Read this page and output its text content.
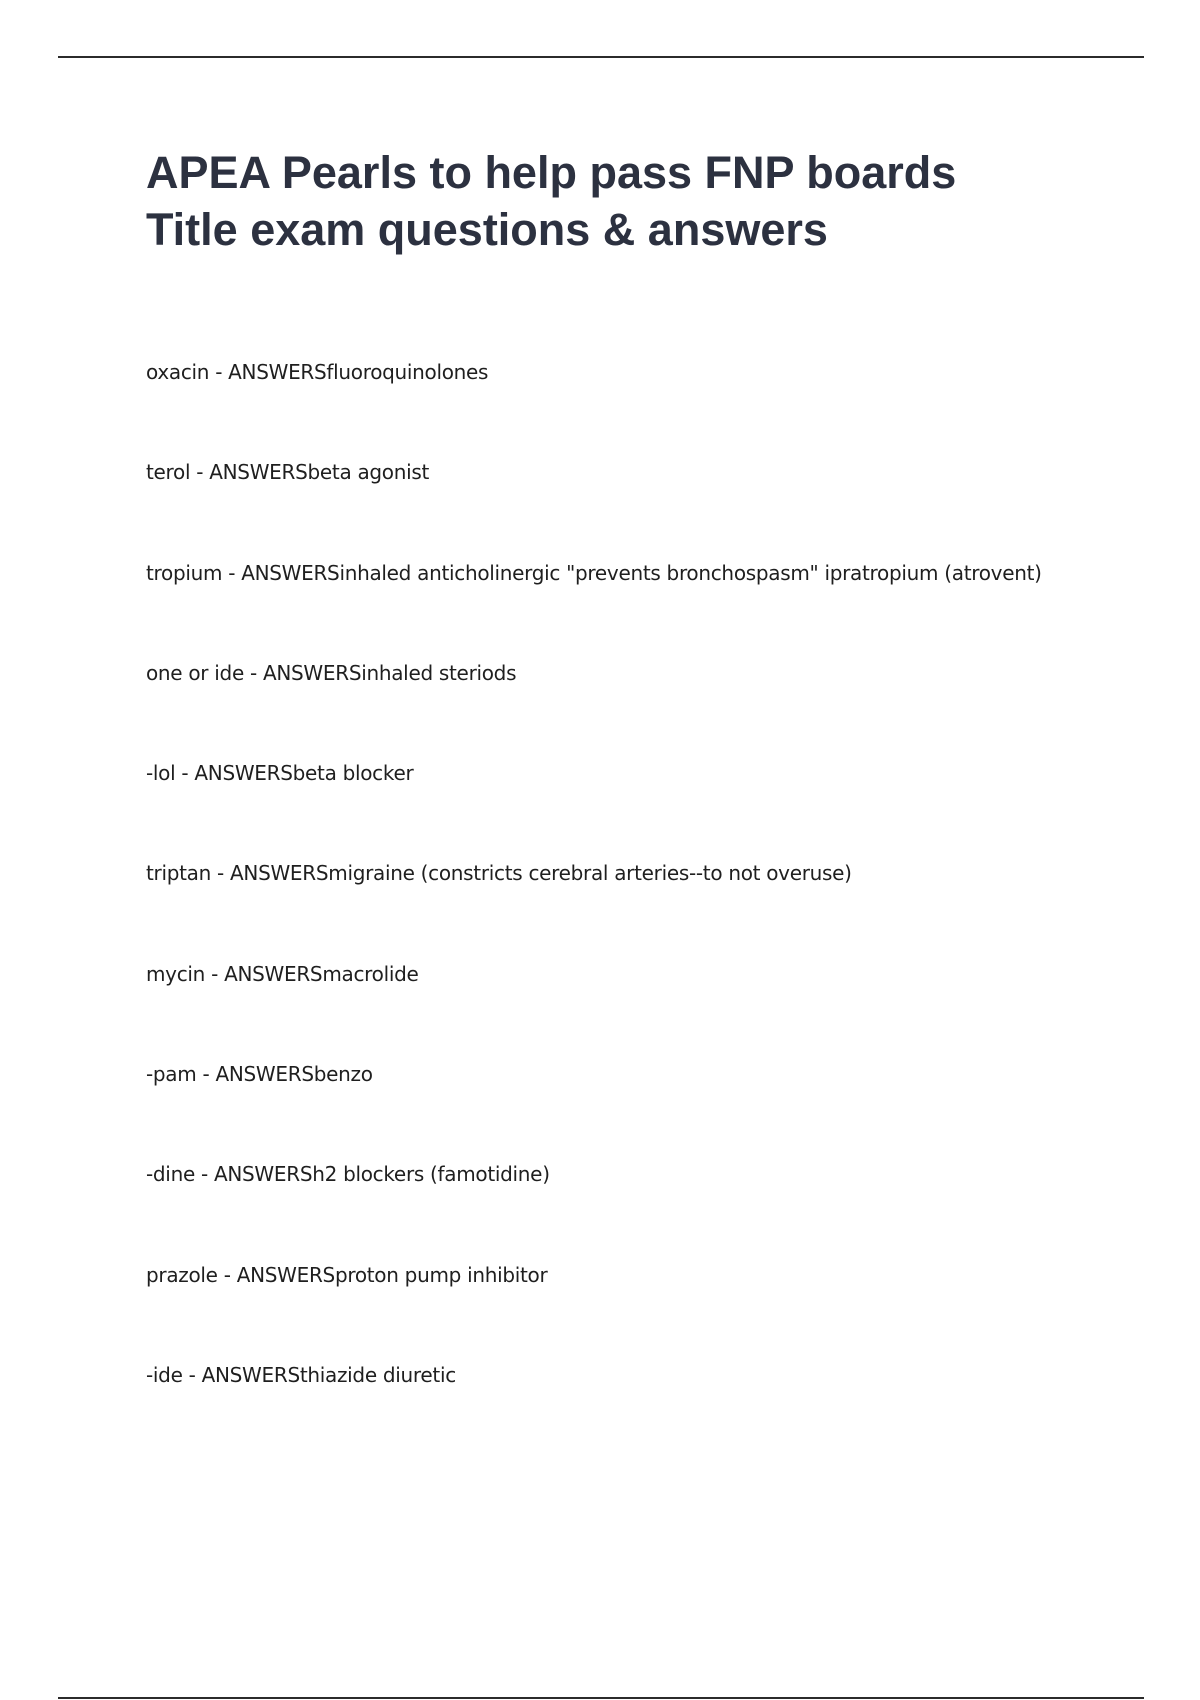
APEA Pearls to help pass FNP boards
Title exam questions & answers
oxacin - ANSWERSfluoroquinolones
terol - ANSWERSbeta agonist
tropium - ANSWERSinhaled anticholinergic "prevents bronchospasm" ipratropium (atrovent)
one or ide - ANSWERSinhaled steriods
-lol - ANSWERSbeta blocker
triptan - ANSWERSmigraine (constricts cerebral arteries--to not overuse)
mycin - ANSWERSmacrolide
-pam - ANSWERSbenzo
-dine - ANSWERSh2 blockers (famotidine)
prazole - ANSWERSproton pump inhibitor
-ide - ANSWERSthiazide diuretic
